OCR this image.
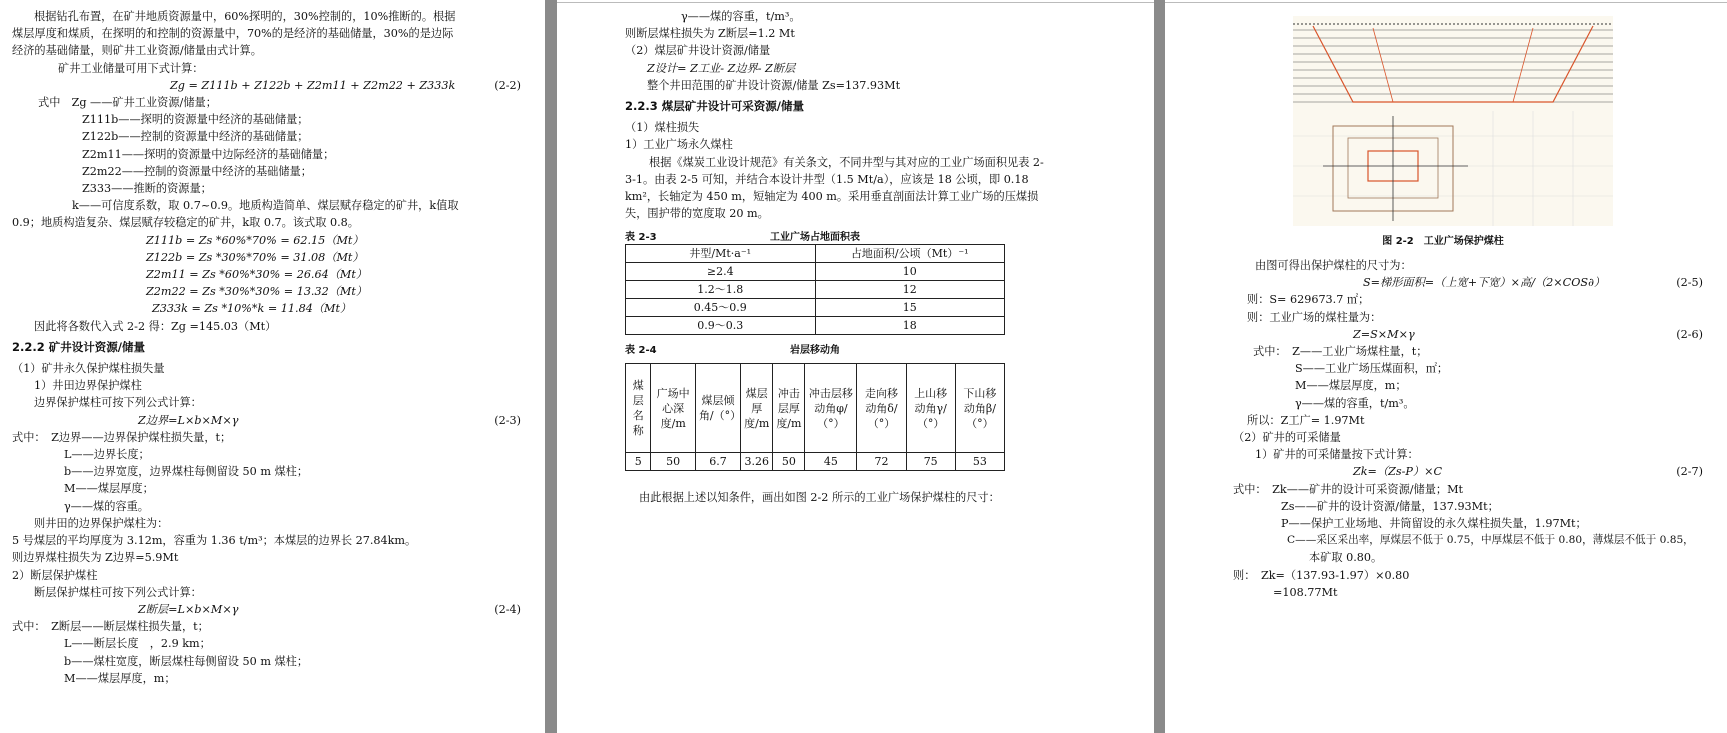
根据钻孔布置，在矿井地质资源量中，60%探明的，30%控制的，10%推断的。根据
煤层厚度和煤质，在探明的和控制的资源量中，70%的是经济的基础储量，30%的是边际
经济的基础储量，则矿井工业资源/储量由式计算。
矿井工业储量可用下式计算：
Zg = Z111b + Z122b + Z2m11 + Z2m22 + Z333k	(2-2)
式中　Zg ——矿井工业资源/储量；
Z111b——探明的资源量中经济的基础储量；
Z122b——控制的资源量中经济的基础储量；
Z2m11——探明的资源量中边际经济的基础储量；
Z2m22——控制的资源量中经济的基础储量；
Z333——推断的资源量；
k——可信度系数，取 0.7~0.9。地质构造简单、煤层赋存稳定的矿井，k值取
0.9；地质构造复杂、煤层赋存较稳定的矿井，k取 0.7。该式取 0.8。
Z111b = Zs *60%*70% = 62.15（Mt）
Z122b = Zs *30%*70% = 31.08（Mt）
Z2m11 = Zs *60%*30% = 26.64（Mt）
Z2m22 = Zs *30%*30% = 13.32（Mt）
Z333k = Zs *10%*k = 11.84（Mt）
因此将各数代入式 2-2 得：Zg =145.03（Mt）
2.2.2 矿井设计资源/储量
（1）矿井永久保护煤柱损失量
1）井田边界保护煤柱
边界保护煤柱可按下列公式计算：
Z边界=L×b×M×γ	(2-3)
式中：　Z边界——边界保护煤柱损失量，t；
L——边界长度；
b——边界宽度，边界煤柱每侧留设 50 m 煤柱；
M——煤层厚度；
γ——煤的容重。
则井田的边界保护煤柱为：
5 号煤层的平均厚度为 3.12m，容重为 1.36 t/m³；本煤层的边界长 27.84km。
则边界煤柱损失为 Z边界=5.9Mt
2）断层保护煤柱
断层保护煤柱可按下列公式计算：
Z断层=L×b×M×γ	(2-4)
式中：　Z断层——断层煤柱损失量，t；
L——断层长度　，2.9 km；
b——煤柱宽度，断层煤柱每侧留设 50 m 煤柱；
M——煤层厚度，m；
γ——煤的容重，t/m³。
则断层煤柱损失为 Z断层=1.2 Mt
（2）煤层矿井设计资源/储量
Z设计= Z工业- Z边界- Z断层
整个井田范围的矿井设计资源/储量 Zs=137.93Mt
2.2.3 煤层矿井设计可采资源/储量
（1）煤柱损失
1）工业广场永久煤柱
根据《煤炭工业设计规范》有关条文，不同井型与其对应的工业广场面积见表 2-3-1。由表 2-5 可知，并结合本设计井型（1.5 Mt/a），应该是 18 公顷，即 0.18 km²，长轴定为 450 m，短轴定为 400 m。采用垂直剖面法计算工业广场的压煤损失，围护带的宽度取 20 m。
表 2-3	工业广场占地面积表
井型/Mt·a⁻¹	占地面积/公顷（Mt）⁻¹
≥2.4	10
1.2～1.8	12
0.45～0.9	15
0.9～0.3	18
表 2-4	岩层移动角
煤层名称	广场中心深度/m	煤层倾角/（°）	煤层厚度/m	冲击层厚度/m	冲击层移动角φ/（°）	走向移动角δ/（°）	上山移动角γ/（°）	下山移动角β/（°）
5	50	6.7	3.26	50	45	72	75	53
由此根据上述以知条件，画出如图 2-2 所示的工业广场保护煤柱的尺寸：
图 2-2　工业广场保护煤柱
由图可得出保护煤柱的尺寸为：
S=梯形面积=（上宽+下宽）×高/（2×COS∂）	(2-5)
则：S= 629673.7 ㎡；
则：工业广场的煤柱量为：
Z=S×M×γ	(2-6)
式中：　Z——工业广场煤柱量，t；
S——工业广场压煤面积，㎡；
M——煤层厚度，m；
γ——煤的容重，t/m³。
所以：Z工广= 1.97Mt
（2）矿井的可采储量
1）矿井的可采储量按下式计算：
Zk=（Zs-P）×C	(2-7)
式中：　Zk——矿井的设计可采资源/储量；Mt
Zs——矿井的设计资源/储量，137.93Mt；
P——保护工业场地、井筒留设的永久煤柱损失量，1.97Mt；
C——采区采出率，厚煤层不低于 0.75，中厚煤层不低于 0.80，薄煤层不低于 0.85，
本矿取 0.80。
则：　Zk=（137.93-1.97）×0.80
=108.77Mt
